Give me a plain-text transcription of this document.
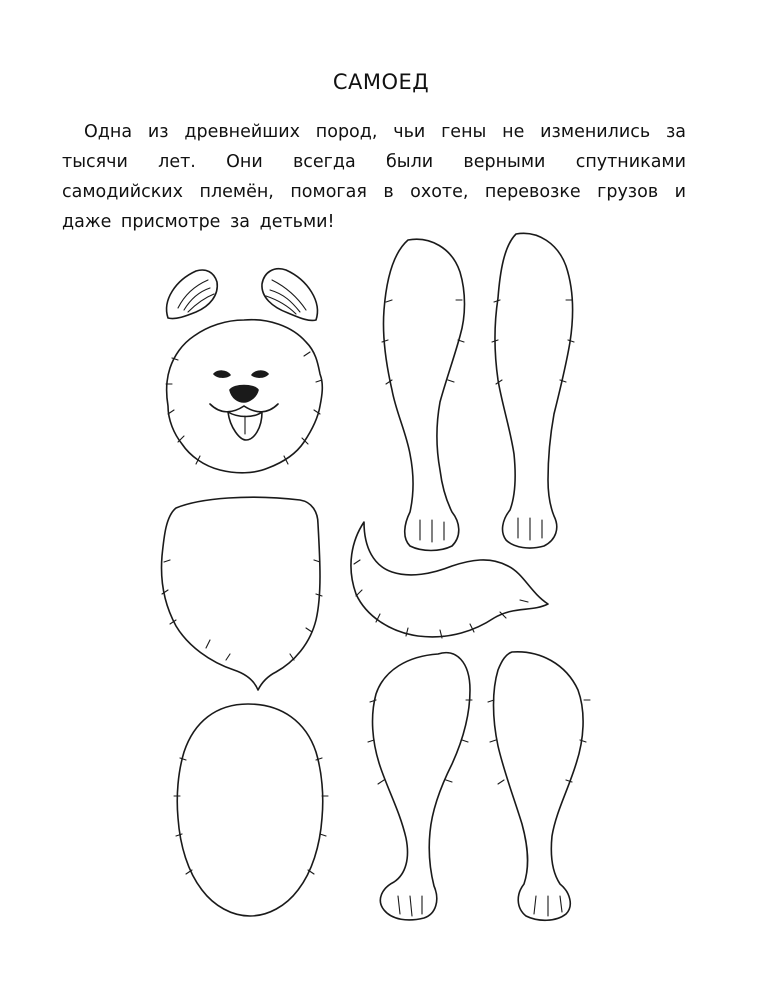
САМОЕД
Одна из древнейших пород, чьи гены не изменились за тысячи лет. Они всегда были верными спутниками самодийских племён, помогая в охоте, перевозке грузов и даже присмотре за детьми!
